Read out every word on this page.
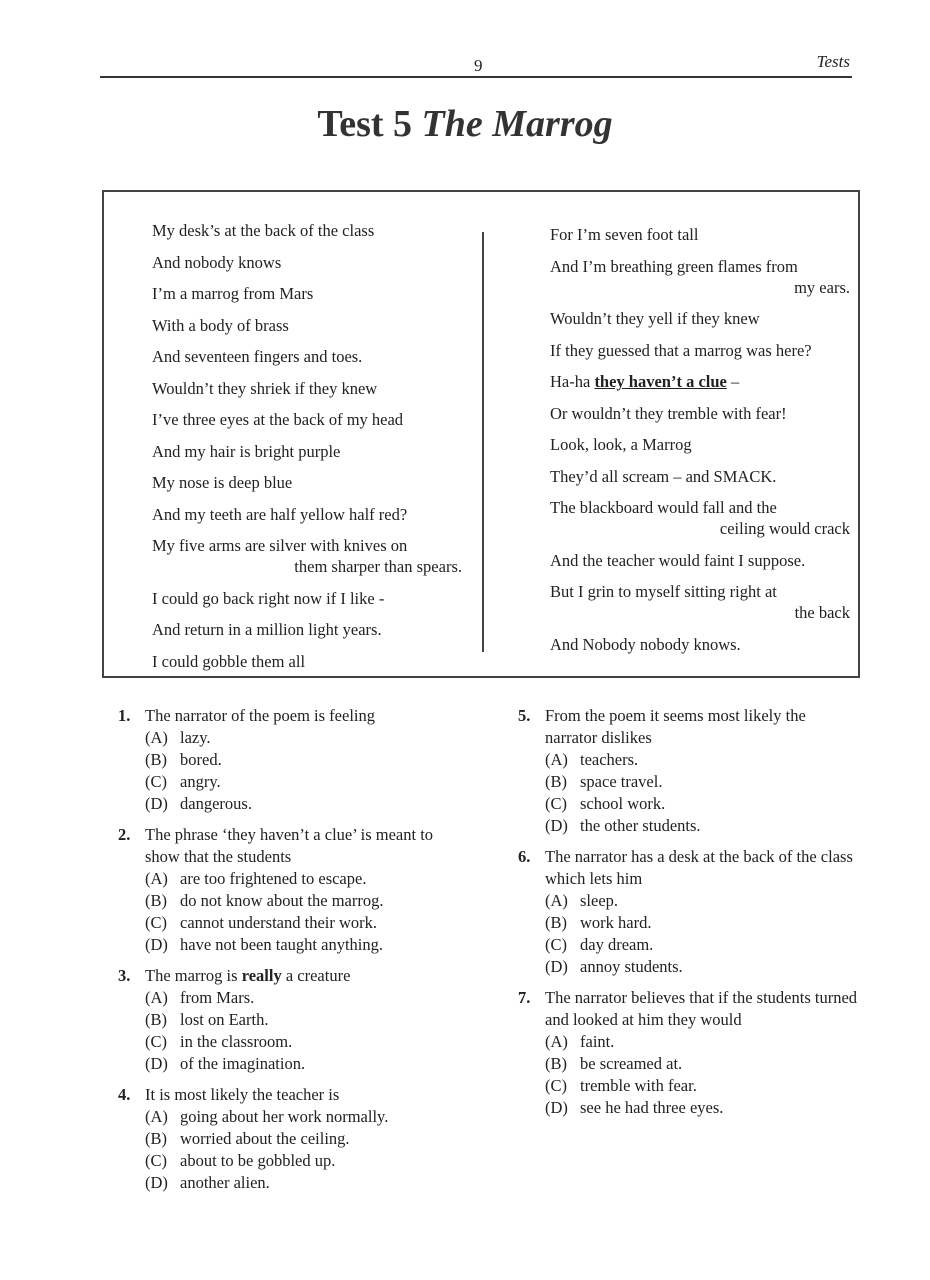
9	Tests
Test 5 The Marrog
My desk’s at the back of the class
And nobody knows
I’m a marrog from Mars
With a body of brass
And seventeen fingers and toes.
Wouldn’t they shriek if they knew
I’ve three eyes at the back of my head
And my hair is bright purple
My nose is deep blue
And my teeth are half yellow half red?
My five arms are silver with knives on
them sharper than spears.
I could go back right now if I like -
And return in a million light years.
I could gobble them all
For I’m seven foot tall
And I’m breathing green flames from
my ears.
Wouldn’t they yell if they knew
If they guessed that a marrog was here?
Ha-ha they haven’t a clue –
Or wouldn’t they tremble with fear!
Look, look, a Marrog
They’d all scream – and SMACK.
The blackboard would fall and the
ceiling would crack
And the teacher would faint I suppose.
But I grin to myself sitting right at
the back
And Nobody nobody knows.
1. The narrator of the poem is feeling
(A) lazy.
(B) bored.
(C) angry.
(D) dangerous.
2. The phrase ‘they haven’t a clue’ is meant to show that the students
(A) are too frightened to escape.
(B) do not know about the marrog.
(C) cannot understand their work.
(D) have not been taught anything.
3. The marrog is really a creature
(A) from Mars.
(B) lost on Earth.
(C) in the classroom.
(D) of the imagination.
4. It is most likely the teacher is
(A) going about her work normally.
(B) worried about the ceiling.
(C) about to be gobbled up.
(D) another alien.
5. From the poem it seems most likely the narrator dislikes
(A) teachers.
(B) space travel.
(C) school work.
(D) the other students.
6. The narrator has a desk at the back of the class which lets him
(A) sleep.
(B) work hard.
(C) day dream.
(D) annoy students.
7. The narrator believes that if the students turned and looked at him they would
(A) faint.
(B) be screamed at.
(C) tremble with fear.
(D) see he had three eyes.
